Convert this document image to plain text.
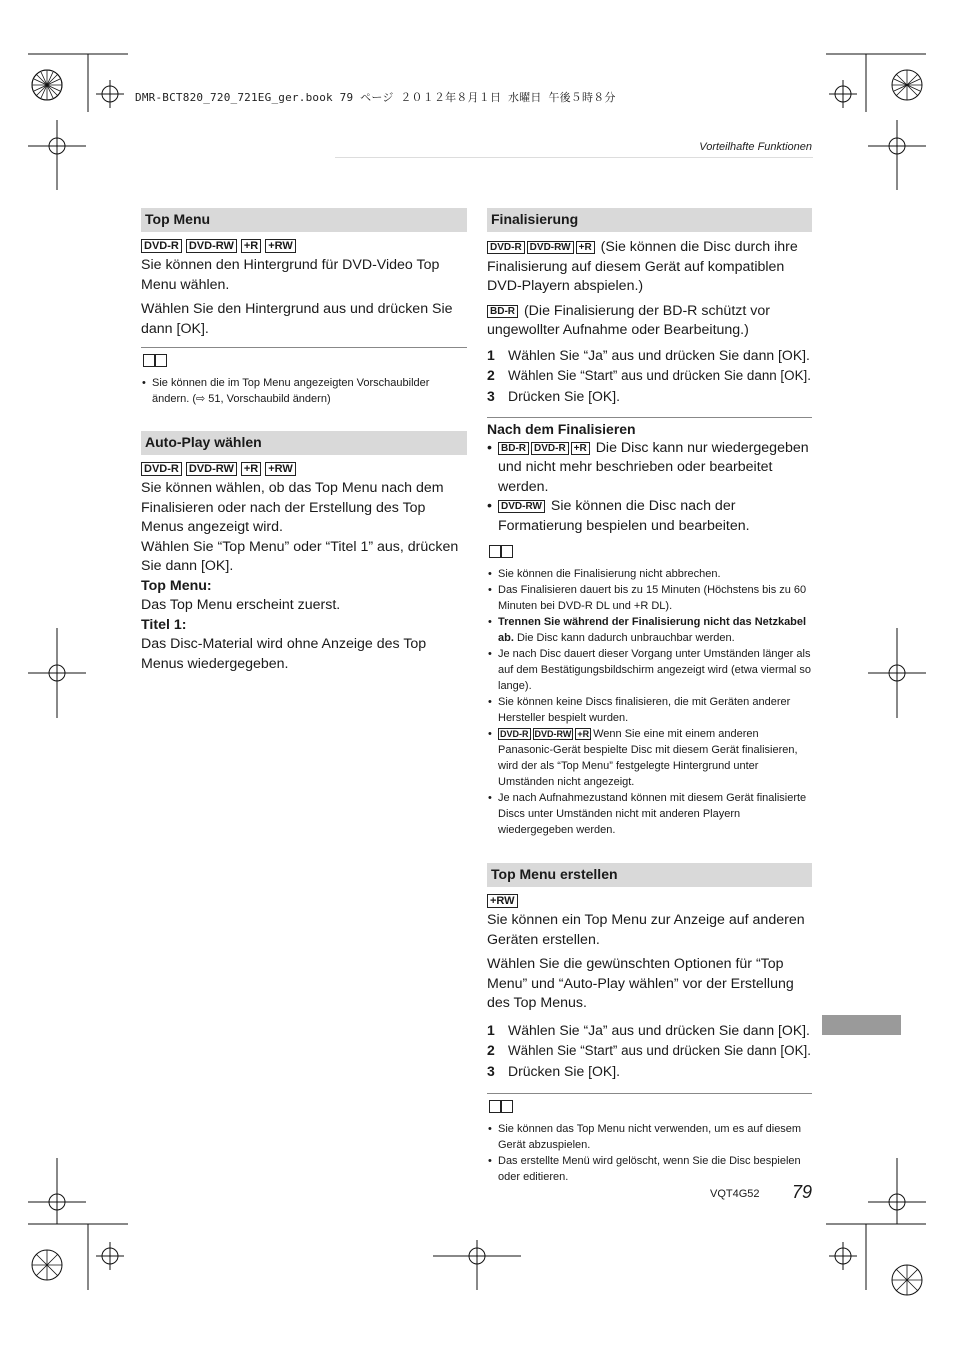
DMR-BCT820_720_721EG_ger.book 79 ページ ２０１２年８月１日 水曜日 午後５時８分
Vorteilhafte Funktionen
Top Menu
DVD-R DVD-RW +R +RW

Sie können den Hintergrund für DVD-Video Top Menu wählen.

Wählen Sie den Hintergrund aus und drücken Sie dann [OK].

• Sie können die im Top Menu angezeigten Vorschaubilder ändern. (⇨ 51, Vorschaubild ändern)
Auto-Play wählen
DVD-R DVD-RW +R +RW

Sie können wählen, ob das Top Menu nach dem Finalisieren oder nach der Erstellung des Top Menus angezeigt wird.

Wählen Sie “Top Menu” oder “Titel 1” aus, drücken Sie dann [OK].

Top Menu:

Das Top Menu erscheint zuerst.

Titel 1:

Das Disc-Material wird ohne Anzeige des Top Menus wiedergegeben.

Finalisierung

DVD-R DVD-RW +R (Sie können die Disc durch ihre Finalisierung auf diesem Gerät auf kompatiblen DVD-Playern abspielen.)

BD-R (Die Finalisierung der BD-R schützt vor ungewollter Aufnahme oder Bearbeitung.)

1 Wählen Sie “Ja” aus und drücken Sie dann [OK].
2 Wählen Sie “Start” aus und drücken Sie dann [OK].
3 Drücken Sie [OK].
Nach dem Finalisieren
• BD-R DVD-R +R Die Disc kann nur wiedergegeben und nicht mehr beschrieben oder bearbeitet werden.
• DVD-RW Sie können die Disc nach der Formatierung bespielen und bearbeiten.
• Sie können die Finalisierung nicht abbrechen.
• Das Finalisieren dauert bis zu 15 Minuten (Höchstens bis zu 60 Minuten bei DVD-R DL und +R DL).
• Trennen Sie während der Finalisierung nicht das Netzkabel ab. Die Disc kann dadurch unbrauchbar werden.
• Je nach Disc dauert dieser Vorgang unter Umständen länger als auf dem Bestätigungsbildschirm angezeigt wird (etwa viermal so lange).
• Sie können keine Discs finalisieren, die mit Geräten anderer Hersteller bespielt wurden.
• DVD-R DVD-RW +R Wenn Sie eine mit einem anderen Panasonic-Gerät bespielte Disc mit diesem Gerät finalisieren, wird der als “Top Menu” festgelegte Hintergrund unter Umständen nicht angezeigt.
• Je nach Aufnahmezustand können mit diesem Gerät finalisierte Discs unter Umständen nicht mit anderen Playern wiedergegeben werden.
Top Menu erstellen
+RW

Sie können ein Top Menu zur Anzeige auf anderen Geräten erstellen.

Wählen Sie die gewünschten Optionen für “Top Menu” und “Auto-Play wählen” vor der Erstellung des Top Menus.

1 Wählen Sie “Ja” aus und drücken Sie dann [OK].
2 Wählen Sie “Start” aus und drücken Sie dann [OK].
3 Drücken Sie [OK].
• Sie können das Top Menu nicht verwenden, um es auf diesem Gerät abzuspielen.
• Das erstellte Menü wird gelöscht, wenn Sie die Disc bespielen oder editieren.
VQT4G52 79
